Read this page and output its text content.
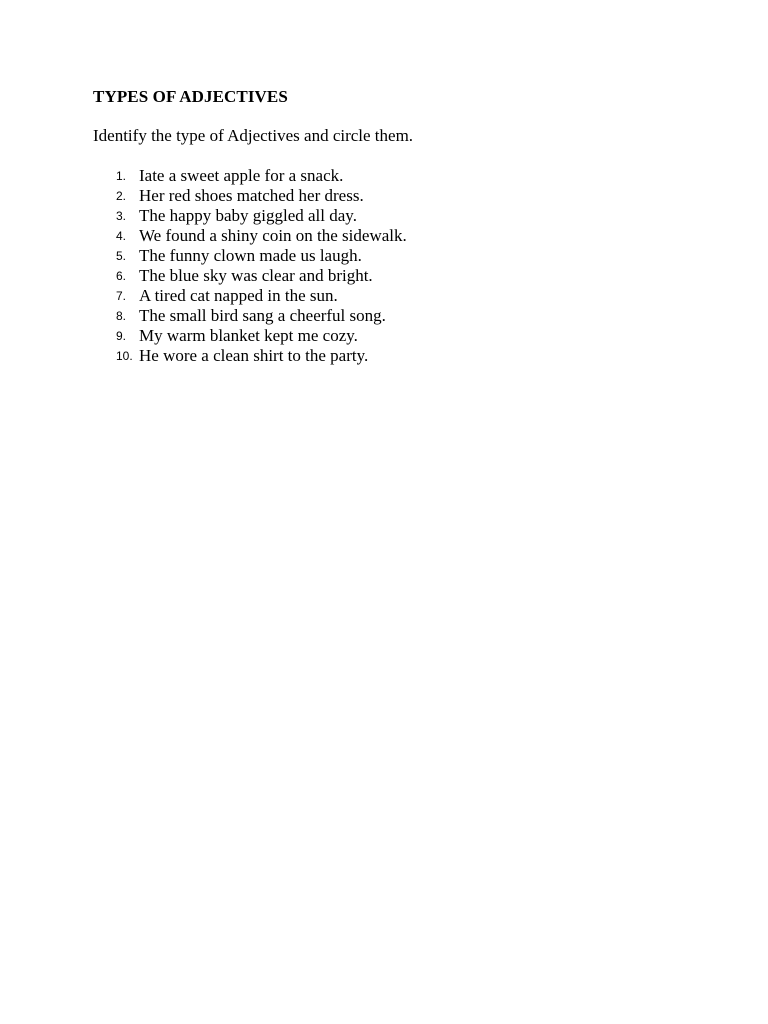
TYPES OF ADJECTIVES

Identify the type of Adjectives and circle them.

1. Iate a sweet apple for a snack.
2. Her red shoes matched her dress.
3. The happy baby giggled all day.
4. We found a shiny coin on the sidewalk.
5. The funny clown made us laugh.
6. The blue sky was clear and bright.
7. A tired cat napped in the sun.
8. The small bird sang a cheerful song.
9. My warm blanket kept me cozy.
10. He wore a clean shirt to the party.
